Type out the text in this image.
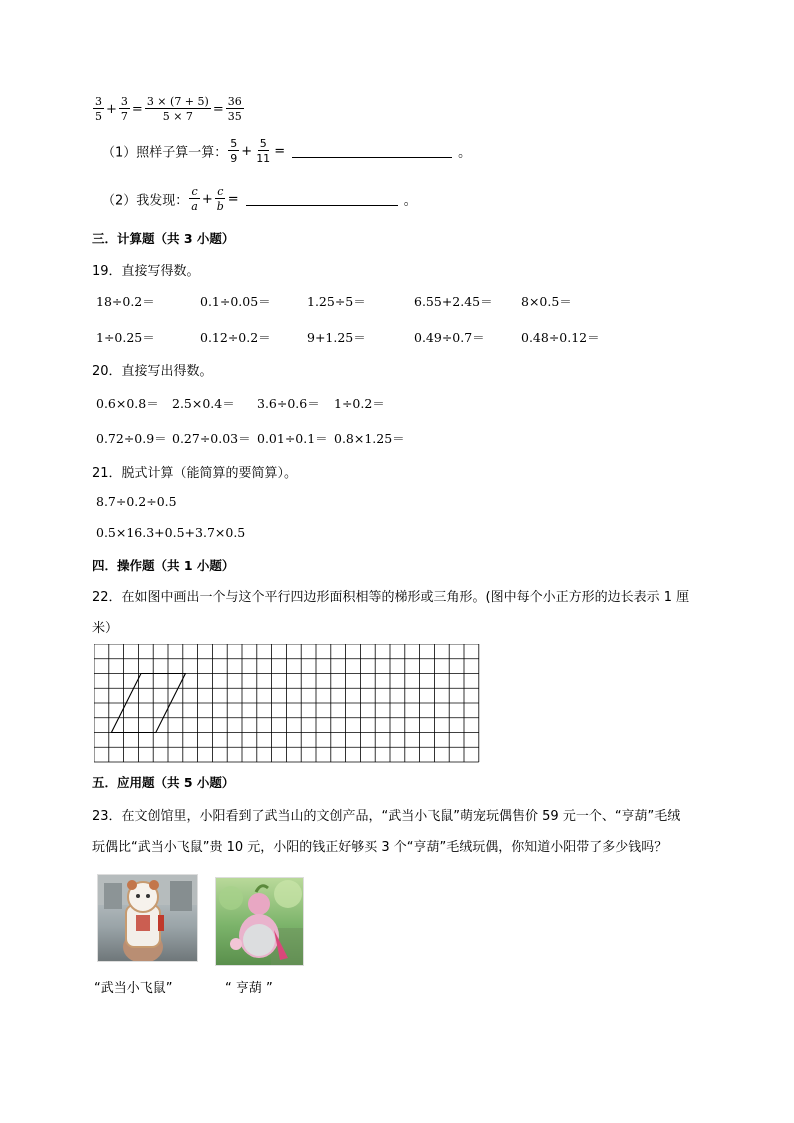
$\frac{3}{5} + \frac{3}{7} = \frac{3 \times (7 + 5)}{5 \times 7} = \frac{36}{35}$
（1）照样子算一算： $\frac{5}{9} + \frac{5}{11}$ =	。
（2）我发现： $\frac{c}{a} + \frac{c}{b}$ =	。
三．计算题（共 3 小题）
19．直接写得数。
18÷0.2＝	0.1÷0.05＝	1.25÷5＝	6.55+2.45＝ 8×0.5＝
1÷0.25＝	0.12÷0.2＝	9+1.25＝	0.49÷0.7＝	0.48÷0.12＝
20．直接写出得数。
0.6×0.8＝ 2.5×0.4＝ 3.6÷0.6＝ 1÷0.2＝
0.72÷0.9＝ 0.27÷0.03＝ 0.01÷0.1＝ 0.8×1.25＝
21．脱式计算（能简算的要简算）。
8.7÷0.2÷0.5
0.5×16.3+0.5+3.7×0.5
四．操作题（共 1 小题）
22．在如图中画出一个与这个平行四边形面积相等的梯形或三角形。(图中每个小正方形的边长表示 1 厘
米）
五．应用题（共 5 小题）
23．在文创馆里，小阳看到了武当山的文创产品，“武当小飞鼠”萌宠玩偶售价 59 元一个、“亨葫”毛绒
玩偶比“武当小飞鼠”贵 10 元，小阳的钱正好够买 3 个“亨葫”毛绒玩偶，你知道小阳带了多少钱吗？
“武当小飞鼠”	“ 亨葫 ”
